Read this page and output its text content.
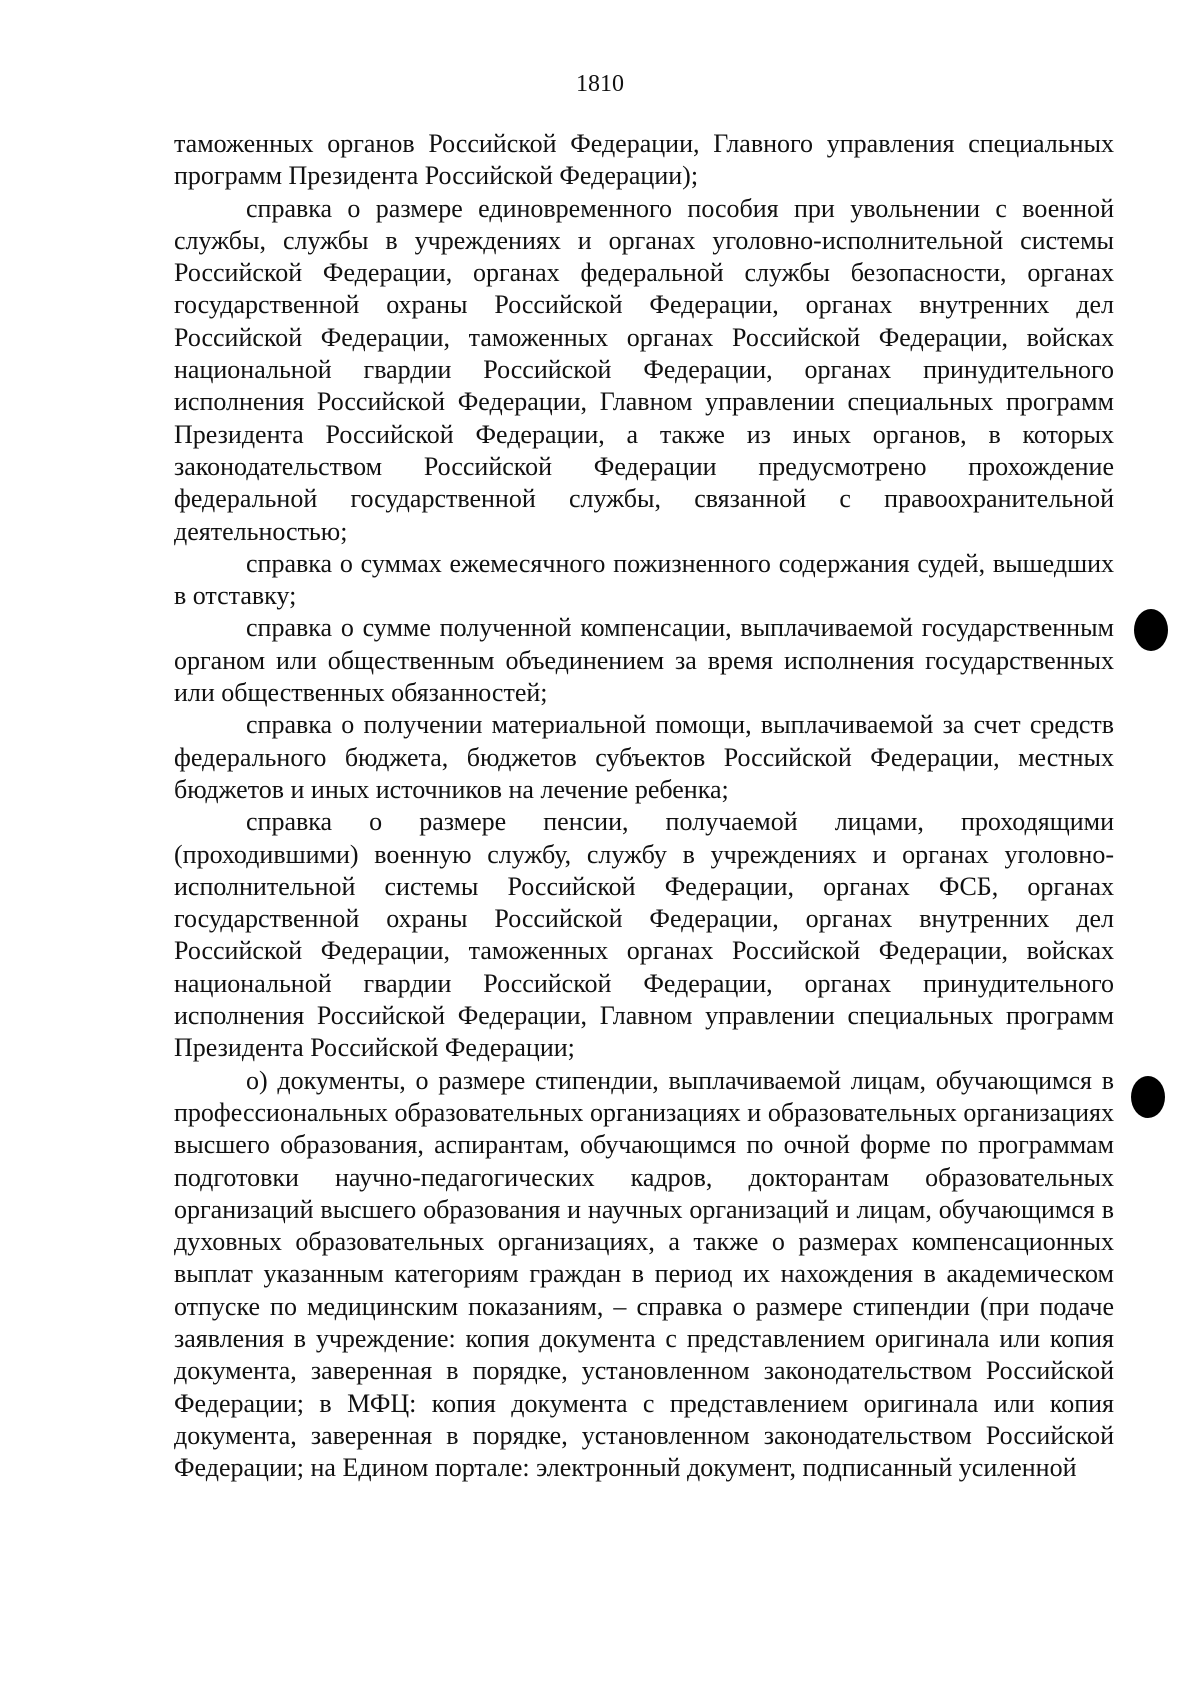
1810

таможенных органов Российской Федерации, Главного управления специальных программ Президента Российской Федерации);

справка о размере единовременного пособия при увольнении с военной службы, службы в учреждениях и органах уголовно-исполнительной системы Российской Федерации, органах федеральной службы безопасности, органах государственной охраны Российской Федерации, органах внутренних дел Российской Федерации, таможенных органах Российской Федерации, войсках национальной гвардии Российской Федерации, органах принудительного исполнения Российской Федерации, Главном управлении специальных программ Президента Российской Федерации, а также из иных органов, в которых законодательством Российской Федерации предусмотрено прохождение федеральной государственной службы, связанной с правоохранительной деятельностью;

справка о суммах ежемесячного пожизненного содержания судей, вышедших в отставку;

справка о сумме полученной компенсации, выплачиваемой государственным органом или общественным объединением за время исполнения государственных или общественных обязанностей;

справка о получении материальной помощи, выплачиваемой за счет средств федерального бюджета, бюджетов субъектов Российской Федерации, местных бюджетов и иных источников на лечение ребенка;

справка о размере пенсии, получаемой лицами, проходящими (проходившими) военную службу, службу в учреждениях и органах уголовно-исполнительной системы Российской Федерации, органах ФСБ, органах государственной охраны Российской Федерации, органах внутренних дел Российской Федерации, таможенных органах Российской Федерации, войсках национальной гвардии Российской Федерации, органах принудительного исполнения Российской Федерации, Главном управлении специальных программ Президента Российской Федерации;

о) документы, о размере стипендии, выплачиваемой лицам, обучающимся в профессиональных образовательных организациях и образовательных организациях высшего образования, аспирантам, обучающимся по очной форме по программам подготовки научно-педагогических кадров, докторантам образовательных организаций высшего образования и научных организаций и лицам, обучающимся в духовных образовательных организациях, а также о размерах компенсационных выплат указанным категориям граждан в период их нахождения в академическом отпуске по медицинским показаниям, – справка о размере стипендии (при подаче заявления в учреждение: копия документа с представлением оригинала или копия документа, заверенная в порядке, установленном законодательством Российской Федерации; в МФЦ: копия документа с представлением оригинала или копия документа, заверенная в порядке, установленном законодательством Российской Федерации; на Едином портале: электронный документ, подписанный усиленной
